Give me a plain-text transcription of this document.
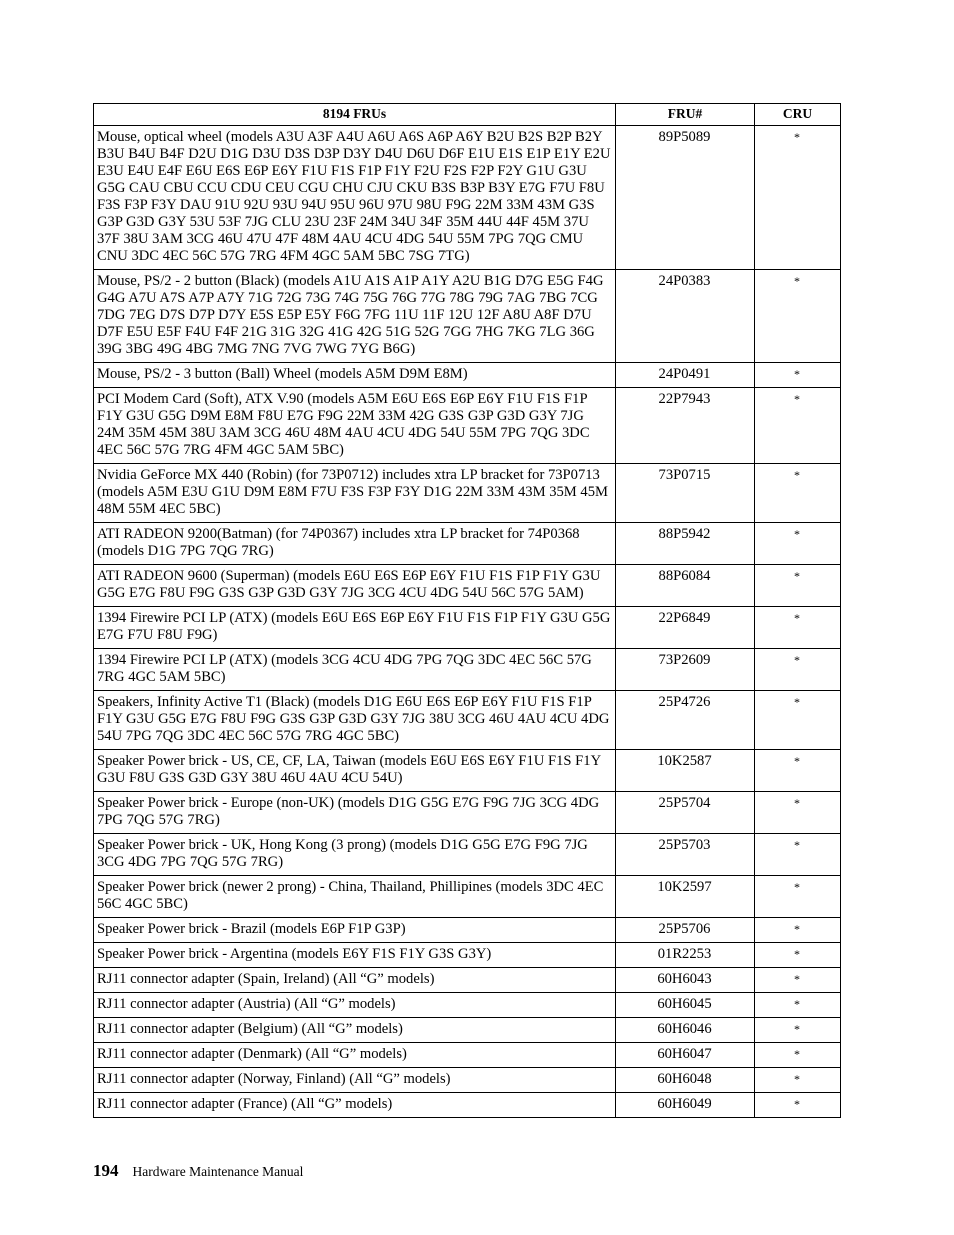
8194 FRUs	FRU#	CRU
Mouse, optical wheel (models A3U A3F A4U A6U A6S A6P A6Y B2U B2S B2P B2Y B3U B4U B4F D2U D1G D3U D3S D3P D3Y D4U D6U D6F E1U E1S E1P E1Y E2U E3U E4U E4F E6U E6S E6P E6Y F1U F1S F1P F1Y F2U F2S F2P F2Y G1U G3U G5G CAU CBU CCU CDU CEU CGU CHU CJU CKU B3S B3P B3Y E7G F7U F8U F3S F3P F3Y DAU 91U 92U 93U 94U 95U 96U 97U 98U F9G 22M 33M 43M G3S G3P G3D G3Y 53U 53F 7JG CLU 23U 23F 24M 34U 34F 35M 44U 44F 45M 37U 37F 38U 3AM 3CG 46U 47U 47F 48M 4AU 4CU 4DG 54U 55M 7PG 7QG CMU CNU 3DC 4EC 56C 57G 7RG 4FM 4GC 5AM 5BC 7SG 7TG)	89P5089	*
Mouse, PS/2 - 2 button (Black) (models A1U A1S A1P A1Y A2U B1G D7G E5G F4G G4G A7U A7S A7P A7Y 71G 72G 73G 74G 75G 76G 77G 78G 79G 7AG 7BG 7CG 7DG 7EG D7S D7P D7Y E5S E5P E5Y F6G 7FG 11U 11F 12U 12F A8U A8F D7U D7F E5U E5F F4U F4F 21G 31G 32G 41G 42G 51G 52G 7GG 7HG 7KG 7LG 36G 39G 3BG 49G 4BG 7MG 7NG 7VG 7WG 7YG B6G)	24P0383	*
Mouse, PS/2 - 3 button (Ball) Wheel (models A5M D9M E8M)	24P0491	*
PCI Modem Card (Soft), ATX V.90 (models A5M E6U E6S E6P E6Y F1U F1S F1P F1Y G3U G5G D9M E8M F8U E7G F9G 22M 33M 42G G3S G3P G3D G3Y 7JG 24M 35M 45M 38U 3AM 3CG 46U 48M 4AU 4CU 4DG 54U 55M 7PG 7QG 3DC 4EC 56C 57G 7RG 4FM 4GC 5AM 5BC)	22P7943	*
Nvidia GeForce MX 440 (Robin) (for 73P0712) includes xtra LP bracket for 73P0713 (models A5M E3U G1U D9M E8M F7U F3S F3P F3Y D1G 22M 33M 43M 35M 45M 48M 55M 4EC 5BC)	73P0715	*
ATI RADEON 9200(Batman) (for 74P0367) includes xtra LP bracket for 74P0368 (models D1G 7PG 7QG 7RG)	88P5942	*
ATI RADEON 9600 (Superman) (models E6U E6S E6P E6Y F1U F1S F1P F1Y G3U G5G E7G F8U F9G G3S G3P G3D G3Y 7JG 3CG 4CU 4DG 54U 56C 57G 5AM)	88P6084	*
1394 Firewire PCI LP (ATX) (models E6U E6S E6P E6Y F1U F1S F1P F1Y G3U G5G E7G F7U F8U F9G)	22P6849	*
1394 Firewire PCI LP (ATX) (models 3CG 4CU 4DG 7PG 7QG 3DC 4EC 56C 57G 7RG 4GC 5AM 5BC)	73P2609	*
Speakers, Infinity Active T1 (Black) (models D1G E6U E6S E6P E6Y F1U F1S F1P F1Y G3U G5G E7G F8U F9G G3S G3P G3D G3Y 7JG 38U 3CG 46U 4AU 4CU 4DG 54U 7PG 7QG 3DC 4EC 56C 57G 7RG 4GC 5BC)	25P4726	*
Speaker Power brick - US, CE, CF, LA, Taiwan (models E6U E6S E6Y F1U F1S F1Y G3U F8U G3S G3D G3Y 38U 46U 4AU 4CU 54U)	10K2587	*
Speaker Power brick - Europe (non-UK) (models D1G G5G E7G F9G 7JG 3CG 4DG 7PG 7QG 57G 7RG)	25P5704	*
Speaker Power brick - UK, Hong Kong (3 prong) (models D1G G5G E7G F9G 7JG 3CG 4DG 7PG 7QG 57G 7RG)	25P5703	*
Speaker Power brick (newer 2 prong) - China, Thailand, Phillipines (models 3DC 4EC 56C 4GC 5BC)	10K2597	*
Speaker Power brick - Brazil (models E6P F1P G3P)	25P5706	*
Speaker Power brick - Argentina (models E6Y F1S F1Y G3S G3Y)	01R2253	*
RJ11 connector adapter (Spain, Ireland) (All “G” models)	60H6043	*
RJ11 connector adapter (Austria) (All “G” models)	60H6045	*
RJ11 connector adapter (Belgium) (All “G” models)	60H6046	*
RJ11 connector adapter (Denmark) (All “G” models)	60H6047	*
RJ11 connector adapter (Norway, Finland) (All “G” models)	60H6048	*
RJ11 connector adapter (France) (All “G” models)	60H6049	*
194 Hardware Maintenance Manual
